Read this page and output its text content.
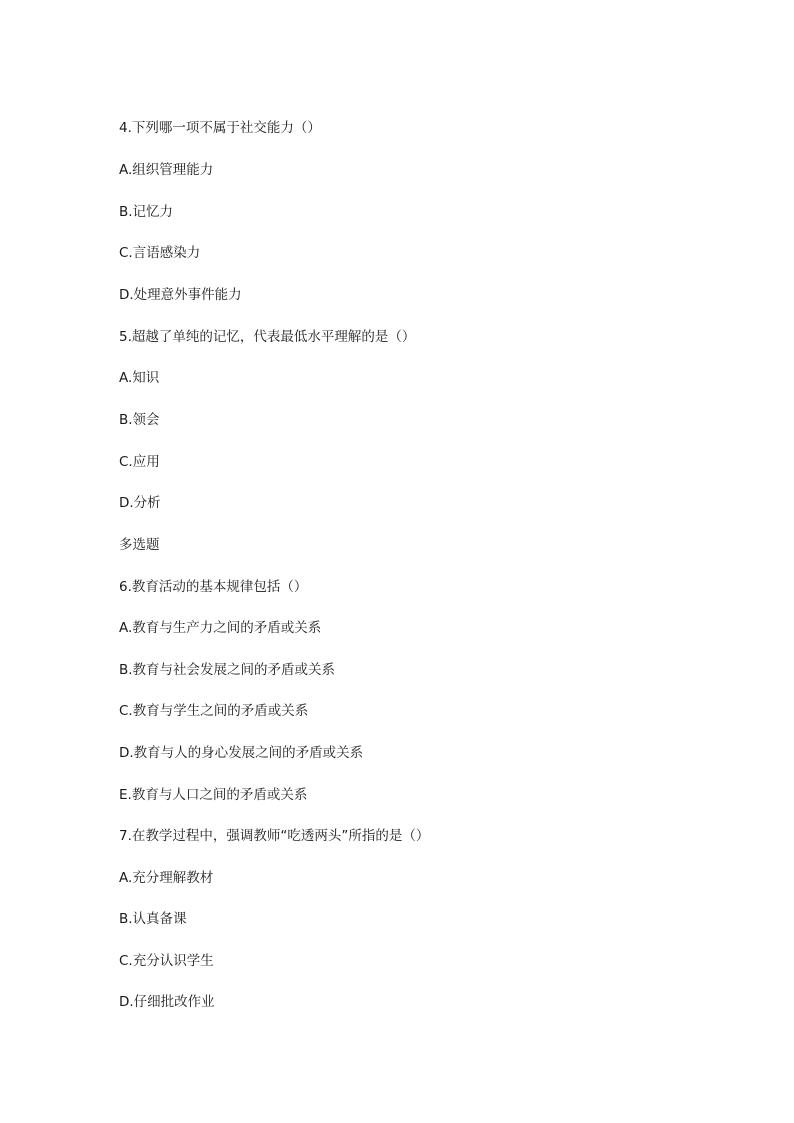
4.下列哪一项不属于社交能力（）
A.组织管理能力
B.记忆力
C.言语感染力
D.处理意外事件能力
5.超越了单纯的记忆，代表最低水平理解的是（）
A.知识
B.领会
C.应用
D.分析
多选题
6.教育活动的基本规律包括（）
A.教育与生产力之间的矛盾或关系
B.教育与社会发展之间的矛盾或关系
C.教育与学生之间的矛盾或关系
D.教育与人的身心发展之间的矛盾或关系
E.教育与人口之间的矛盾或关系
7.在教学过程中，强调教师“吃透两头”所指的是（）
A.充分理解教材
B.认真备课
C.充分认识学生
D.仔细批改作业
